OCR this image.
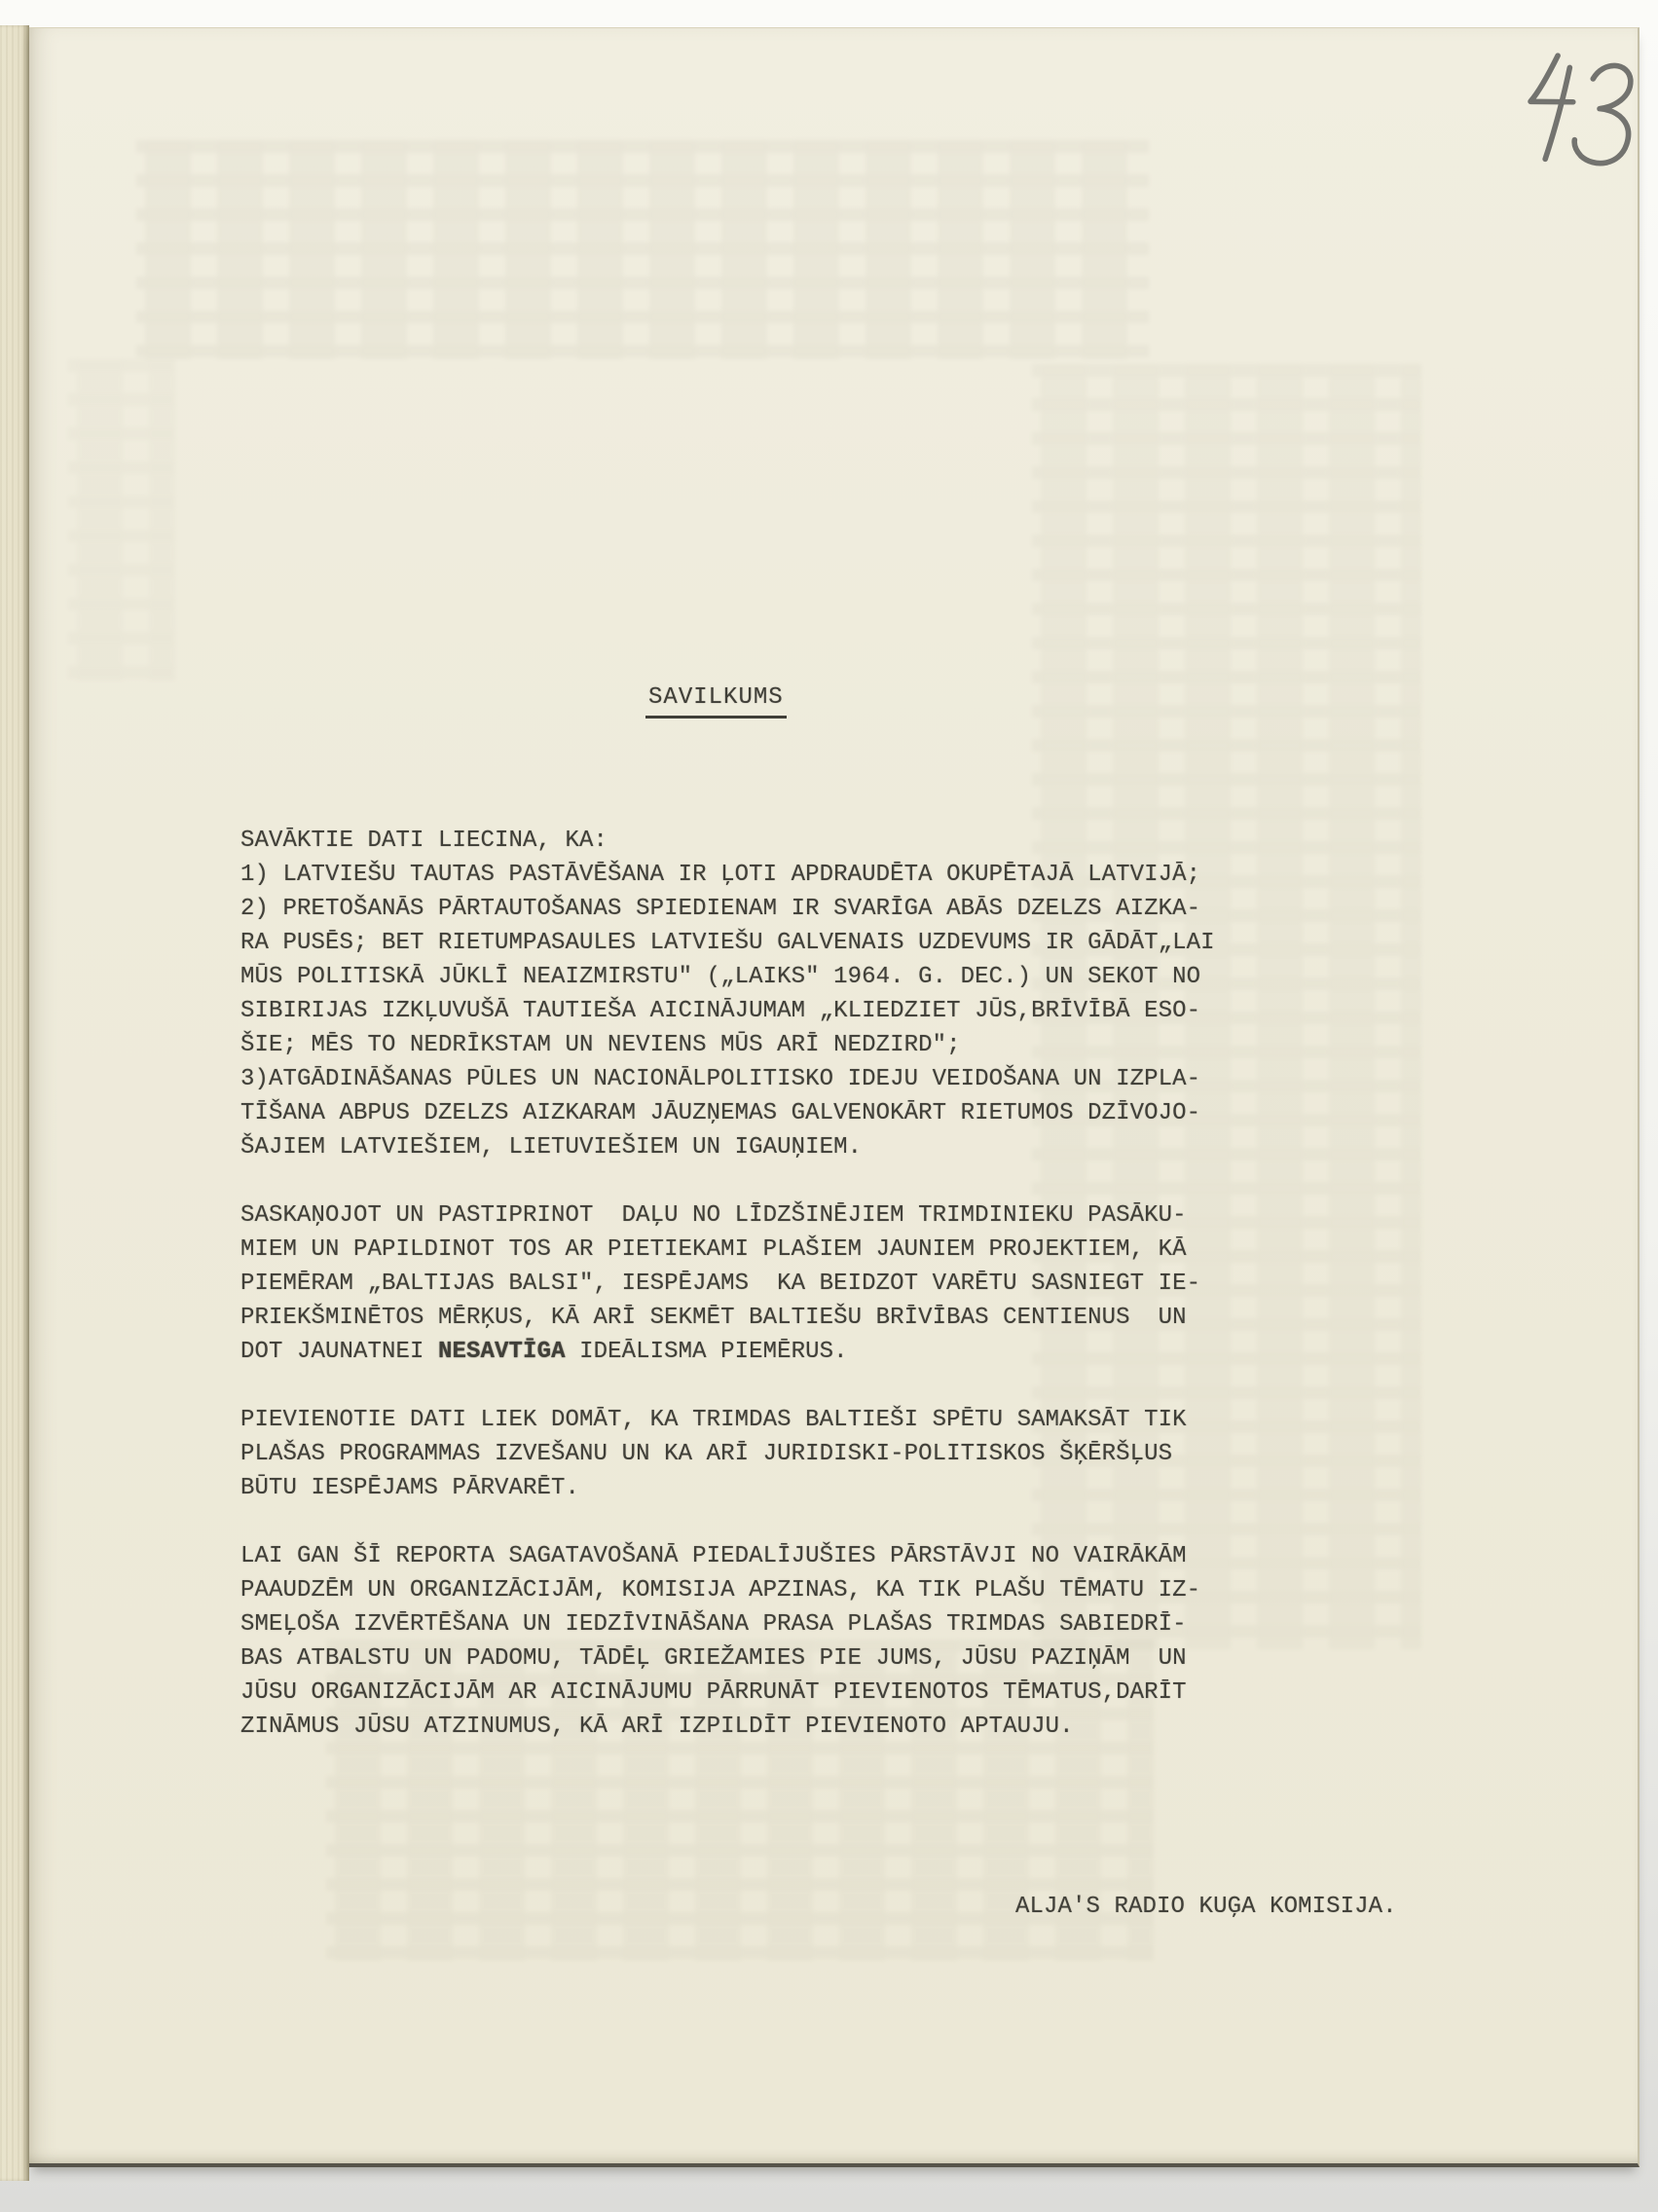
SAVILKUMS

SAVĀKTIE DATI LIECINA, KA:
1) LATVIEŠU TAUTAS PASTĀVĒŠANA IR ĻOTI APDRAUDĒTA OKUPĒTAJĀ LATVIJĀ;
2) PRETOŠANĀS PĀRTAUTOŠANAS SPIEDIENAM IR SVARĪGA ABĀS DZELZS AIZKA-
RA PUSĒS; BET RIETUMPASAULES LATVIEŠU GALVENAIS UZDEVUMS IR GĀDĀT„LAI
MŪS POLITISKĀ JŪKLĪ NEAIZMIRSTU" („LAIKS" 1964. G. DEC.) UN SEKOT NO
SIBIRIJAS IZKĻUVUŠĀ TAUTIEŠA AICINĀJUMAM „KLIEDZIET JŪS,BRĪVĪBĀ ESO-
ŠIE; MĒS TO NEDRĪKSTAM UN NEVIENS MŪS ARĪ NEDZIRD";
3)ATGĀDINĀŠANAS PŪLES UN NACIONĀLPOLITISKO IDEJU VEIDOŠANA UN IZPLA-
TĪŠANA ABPUS DZELZS AIZKARAM JĀUZŅEMAS GALVENOKĀRT RIETUMOS DZĪVOJO-
ŠAJIEM LATVIEŠIEM, LIETUVIEŠIEM UN IGAUŅIEM.
SASKAŅOJOT UN PASTIPRINOT  DAĻU NO LĪDZŠINĒJIEM TRIMDINIEKU PASĀKU-
MIEM UN PAPILDINOT TOS AR PIETIEKAMI PLAŠIEM JAUNIEM PROJEKTIEM, KĀ
PIEMĒRAM „BALTIJAS BALSI", IESPĒJAMS  KA BEIDZOT VARĒTU SASNIEGT IE-
PRIEKŠMINĒTOS MĒRĶUS, KĀ ARĪ SEKMĒT BALTIEŠU BRĪVĪBAS CENTIENUS  UN
DOT JAUNATNEI NESAVTĪGA IDEĀLISMA PIEMĒRUS.
PIEVIENOTIE DATI LIEK DOMĀT, KA TRIMDAS BALTIEŠI SPĒTU SAMAKSĀT TIK
PLAŠAS PROGRAMMAS IZVEŠANU UN KA ARĪ JURIDISKI-POLITISKOS ŠĶĒRŠĻUS
BŪTU IESPĒJAMS PĀRVARĒT.
LAI GAN ŠĪ REPORTA SAGATAVOŠANĀ PIEDALĪJUŠIES PĀRSTĀVJI NO VAIRĀKĀM
PAAUDZĒM UN ORGANIZĀCIJĀM, KOMISIJA APZINAS, KA TIK PLAŠU TĒMATU IZ-
SMEĻOŠA IZVĒRTĒŠANA UN IEDZĪVINĀŠANA PRASA PLAŠAS TRIMDAS SABIEDRĪ-
BAS ATBALSTU UN PADOMU, TĀDĒĻ GRIEŽAMIES PIE JUMS, JŪSU PAZIŅĀM  UN
JŪSU ORGANIZĀCIJĀM AR AICINĀJUMU PĀRRUNĀT PIEVIENOTOS TĒMATUS,DARĪT
ZINĀMUS JŪSU ATZINUMUS, KĀ ARĪ IZPILDĪT PIEVIENOTO APTAUJU.

ALJA'S RADIO KUĢA KOMISIJA.
